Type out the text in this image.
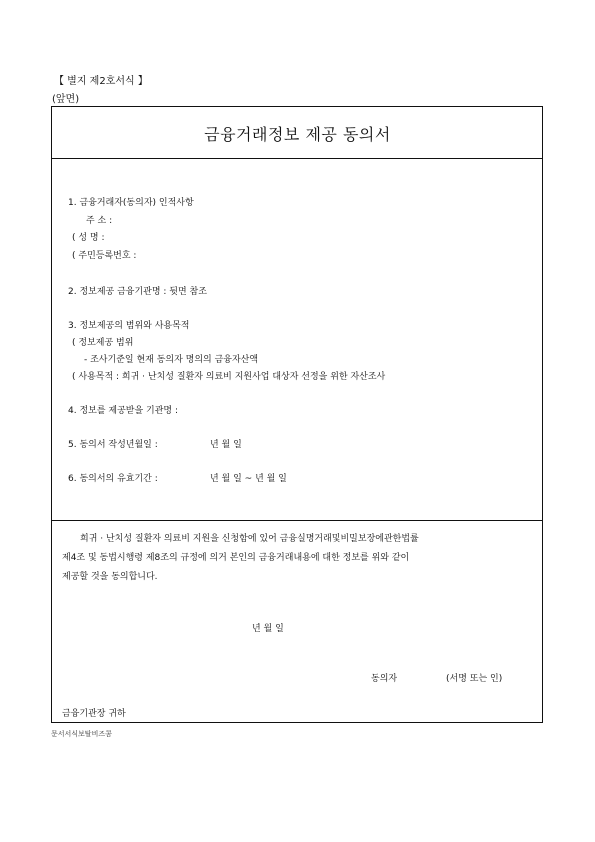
【 별지 제2호서식 】
(앞면)
금융거래정보 제공 동의서
1. 금융거래자(동의자) 인적사항
주 소 :
( 성 명 :
( 주민등록번호 :
2. 정보제공 금융기관명 : 뒷면 참조
3. 정보제공의 범위와 사용목적
( 정보제공 범위
- 조사기준일 현재 동의자 명의의 금융자산액
( 사용목적 : 희귀 · 난치성 질환자 의료비 지원사업 대상자 선정을 위한 자산조사
4. 정보를 제공받을 기관명 :
5. 동의서 작성년월일 :	년 월 일
6. 동의서의 유효기간 :	년 월 일 ~ 년 월 일
희귀 · 난치성 질환자 의료비 지원을 신청함에 있어 금융실명거래및비밀보장에관한법률
제4조 및 동법시행령 제8조의 규정에 의거 본인의 금융거래내용에 대한 정보를 위와 같이
제공할 것을 동의합니다.
년 월 일
동의자	(서명 또는 인)
금융기관장 귀하
문서서식보탈비즈콤
